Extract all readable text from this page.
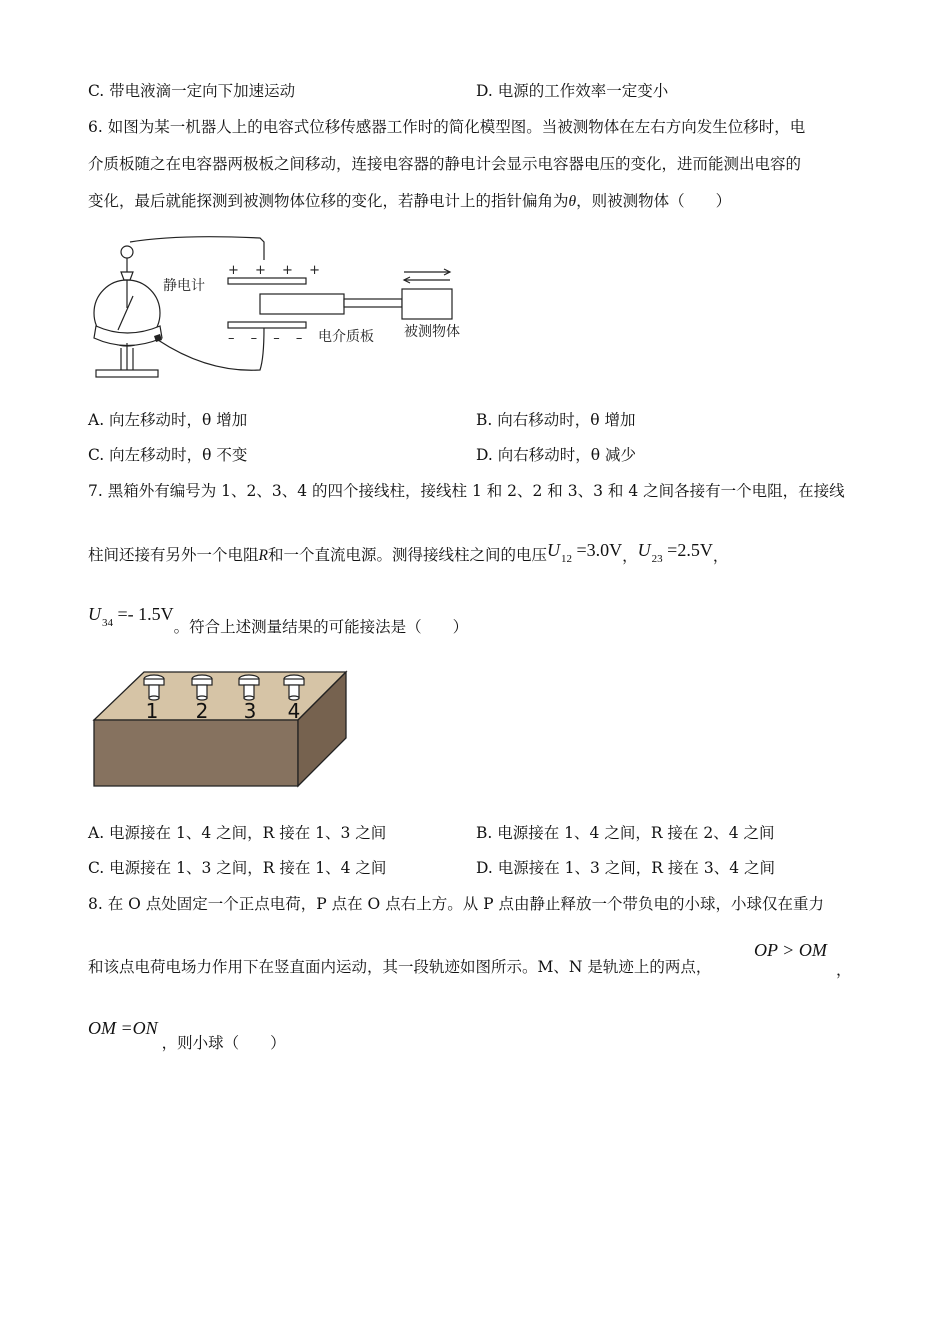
C. 带电液滴一定向下加速运动	D. 电源的工作效率一定变小
6. 如图为某一机器人上的电容式位移传感器工作时的简化模型图。当被测物体在左右方向发生位移时，电
介质板随之在电容器两极板之间移动，连接电容器的静电计会显示电容器电压的变化，进而能测出电容的
变化，最后就能探测到被测物体位移的变化，若静电计上的指针偏角为θ，则被测物体（　　）
静电计
+ + + +
– – – – 电介质板 被测物体
A. 向左移动时，θ 增加	B. 向右移动时，θ 增加
C. 向左移动时，θ 不变	D. 向右移动时，θ 减少
7. 黑箱外有编号为 1、2、3、4 的四个接线柱，接线柱 1 和 2、2 和 3、3 和 4 之间各接有一个电阻，在接线
柱间还接有另外一个电阻R和一个直流电源。测得接线柱之间的电压$U_{12} =3.0V$，$U_{23} =2.5V$，
$U_{34} =- 1.5V$。符合上述测量结果的可能接法是（　　）
1 2 3 4
A. 电源接在 1、4 之间，R 接在 1、3 之间	B. 电源接在 1、4 之间，R 接在 2、4 之间
C. 电源接在 1、3 之间，R 接在 1、4 之间	D. 电源接在 1、3 之间，R 接在 3、4 之间
8. 在 O 点处固定一个正点电荷，P 点在 O 点右上方。从 P 点由静止释放一个带负电的小球，小球仅在重力
和该点电荷电场力作用下在竖直面内运动，其一段轨迹如图所示。M、N 是轨迹上的两点，
OP > OM
，
OM =ON，则小球（　　）
